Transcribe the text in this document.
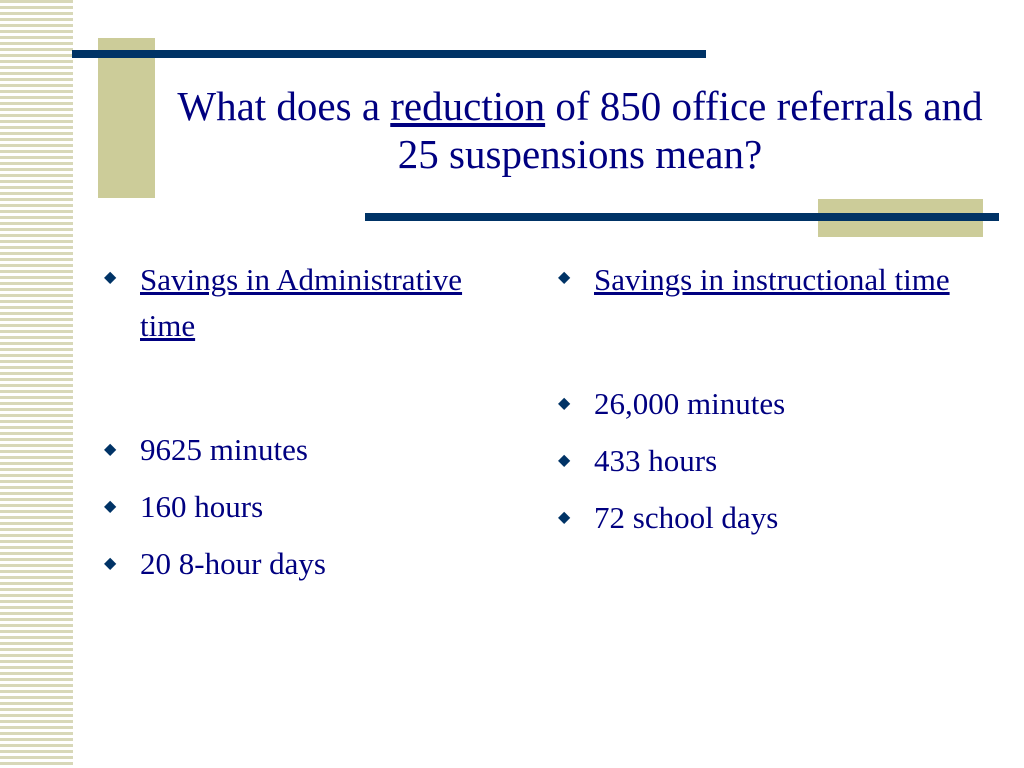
What does a reduction of 850 office referrals and 25 suspensions mean?
◆ Savings in Administrative time
◆ 9625 minutes
◆ 160 hours
◆ 20 8-hour days
◆ Savings in instructional time
◆ 26,000 minutes
◆ 433 hours
◆ 72 school days
